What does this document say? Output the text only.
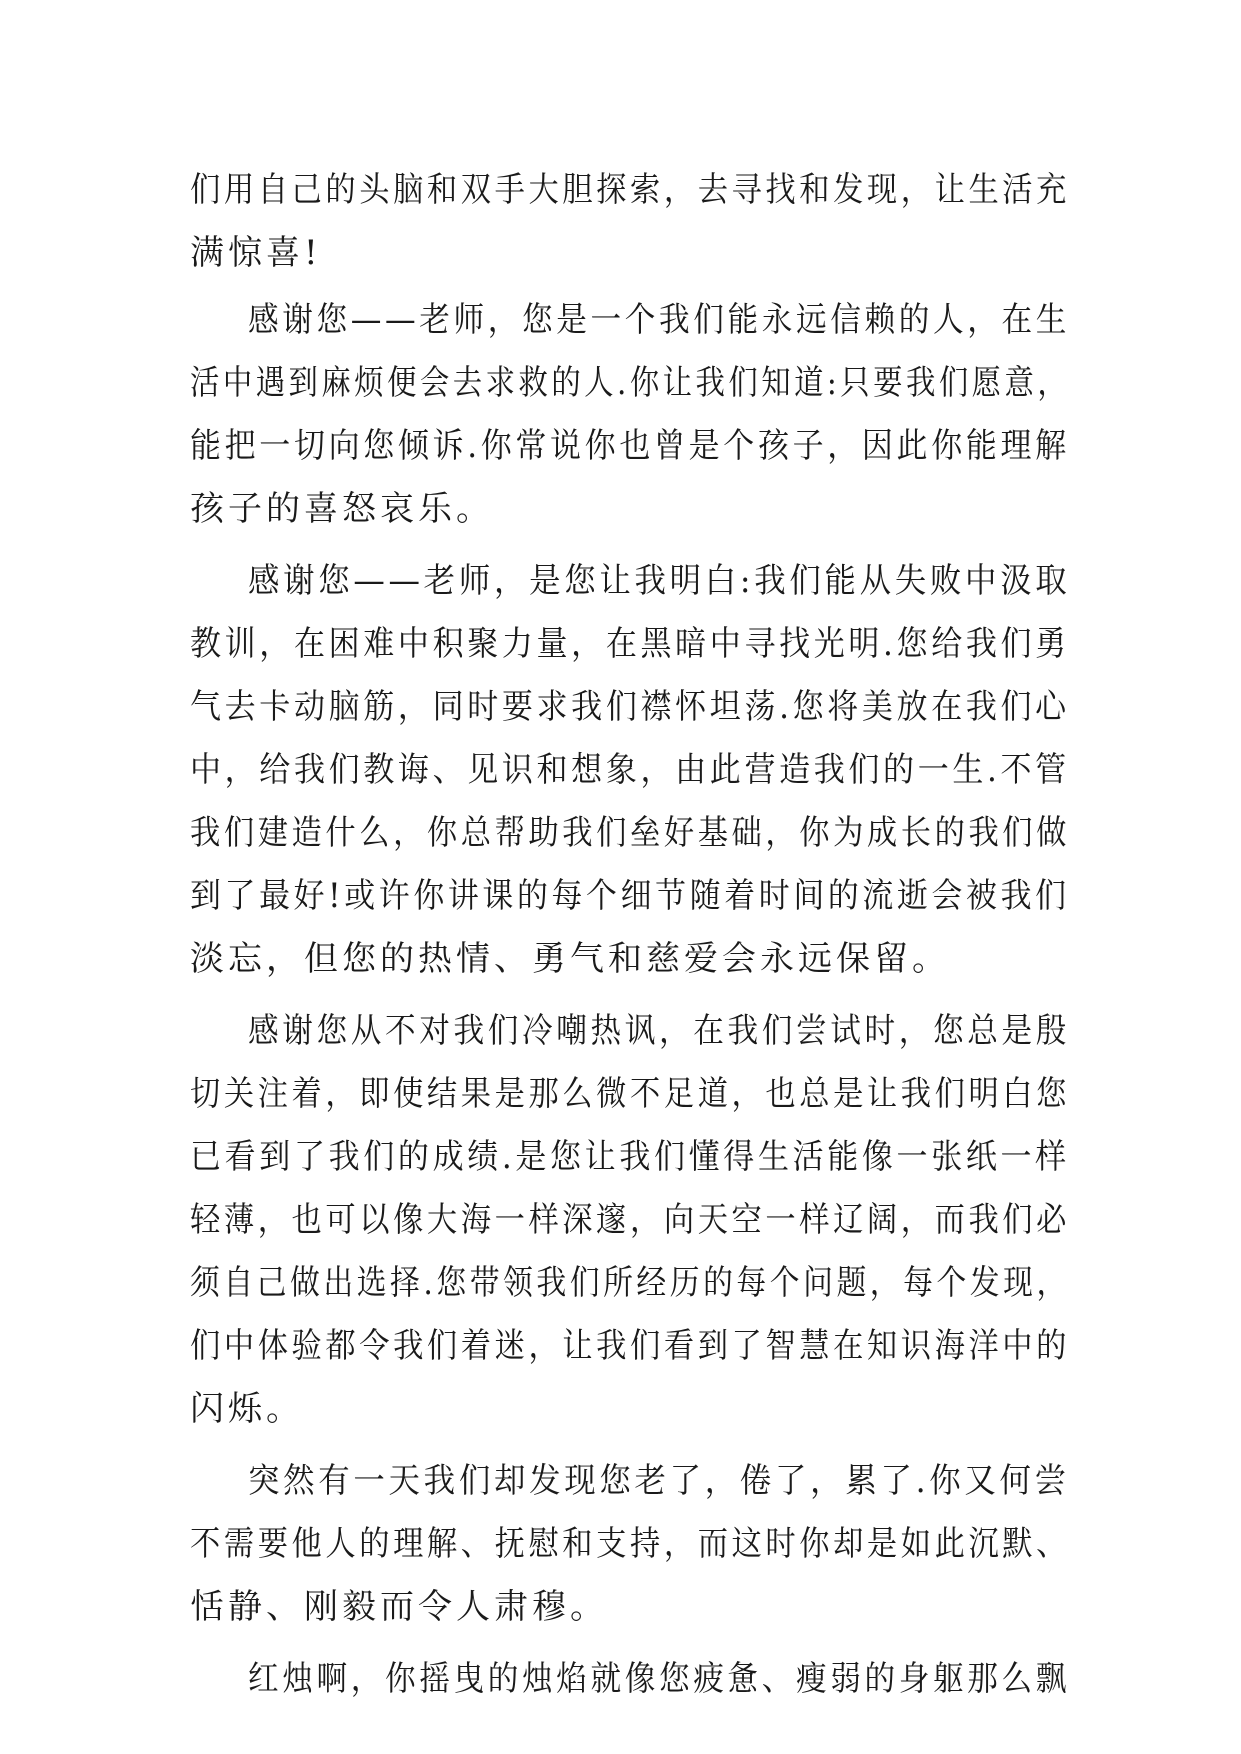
们用自己的头脑和双手大胆探索，去寻找和发现，让生活充
满惊喜!
感谢您——老师，您是一个我们能永远信赖的人，在生
活中遇到麻烦便会去求救的人.你让我们知道:只要我们愿意，
能把一切向您倾诉.你常说你也曾是个孩子，因此你能理解
孩子的喜怒哀乐。
感谢您——老师，是您让我明白:我们能从失败中汲取
教训，在困难中积聚力量，在黑暗中寻找光明.您给我们勇
气去卡动脑筋，同时要求我们襟怀坦荡.您将美放在我们心
中，给我们教诲、见识和想象，由此营造我们的一生.不管
我们建造什么，你总帮助我们垒好基础，你为成长的我们做
到了最好!或许你讲课的每个细节随着时间的流逝会被我们
淡忘，但您的热情、勇气和慈爱会永远保留。
感谢您从不对我们冷嘲热讽，在我们尝试时，您总是殷
切关注着，即使结果是那么微不足道，也总是让我们明白您
已看到了我们的成绩.是您让我们懂得生活能像一张纸一样
轻薄，也可以像大海一样深邃，向天空一样辽阔，而我们必
须自己做出选择.您带领我们所经历的每个问题，每个发现，
们中体验都令我们着迷，让我们看到了智慧在知识海洋中的
闪烁。
突然有一天我们却发现您老了，倦了，累了.你又何尝
不需要他人的理解、抚慰和支持，而这时你却是如此沉默、
恬静、刚毅而令人肃穆。
红烛啊，你摇曳的烛焰就像您疲惫、瘦弱的身躯那么飘
